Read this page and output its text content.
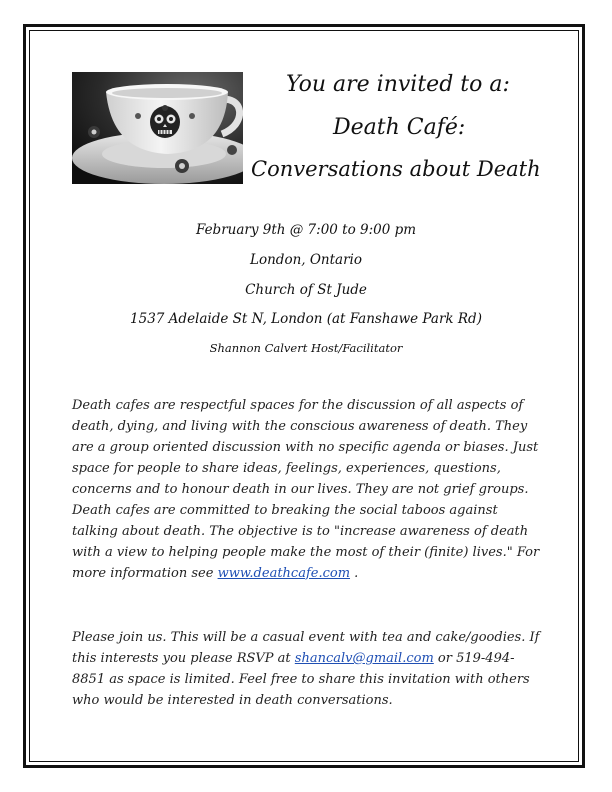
You are invited to a:
Death Café:
Conversations about Death
February 9th @ 7:00 to 9:00 pm
London, Ontario
Church of St Jude
1537 Adelaide St N, London (at Fanshawe Park Rd)
Shannon Calvert Host/Facilitator
Death cafes are respectful spaces for the discussion of all aspects of death, dying, and living with the conscious awareness of death. They are a group oriented discussion with no specific agenda or biases. Just space for people to share ideas, feelings, experiences, questions, concerns and to honour death in our lives. They are not grief groups. Death cafes are committed to breaking the social taboos against talking about death. The objective is to "increase awareness of death with a view to helping people make the most of their (finite) lives." For more information see www.deathcafe.com .
Please join us. This will be a casual event with tea and cake/goodies. If this interests you please RSVP at shancalv@gmail.com or 519-494-8851 as space is limited. Feel free to share this invitation with others who would be interested in death conversations.
